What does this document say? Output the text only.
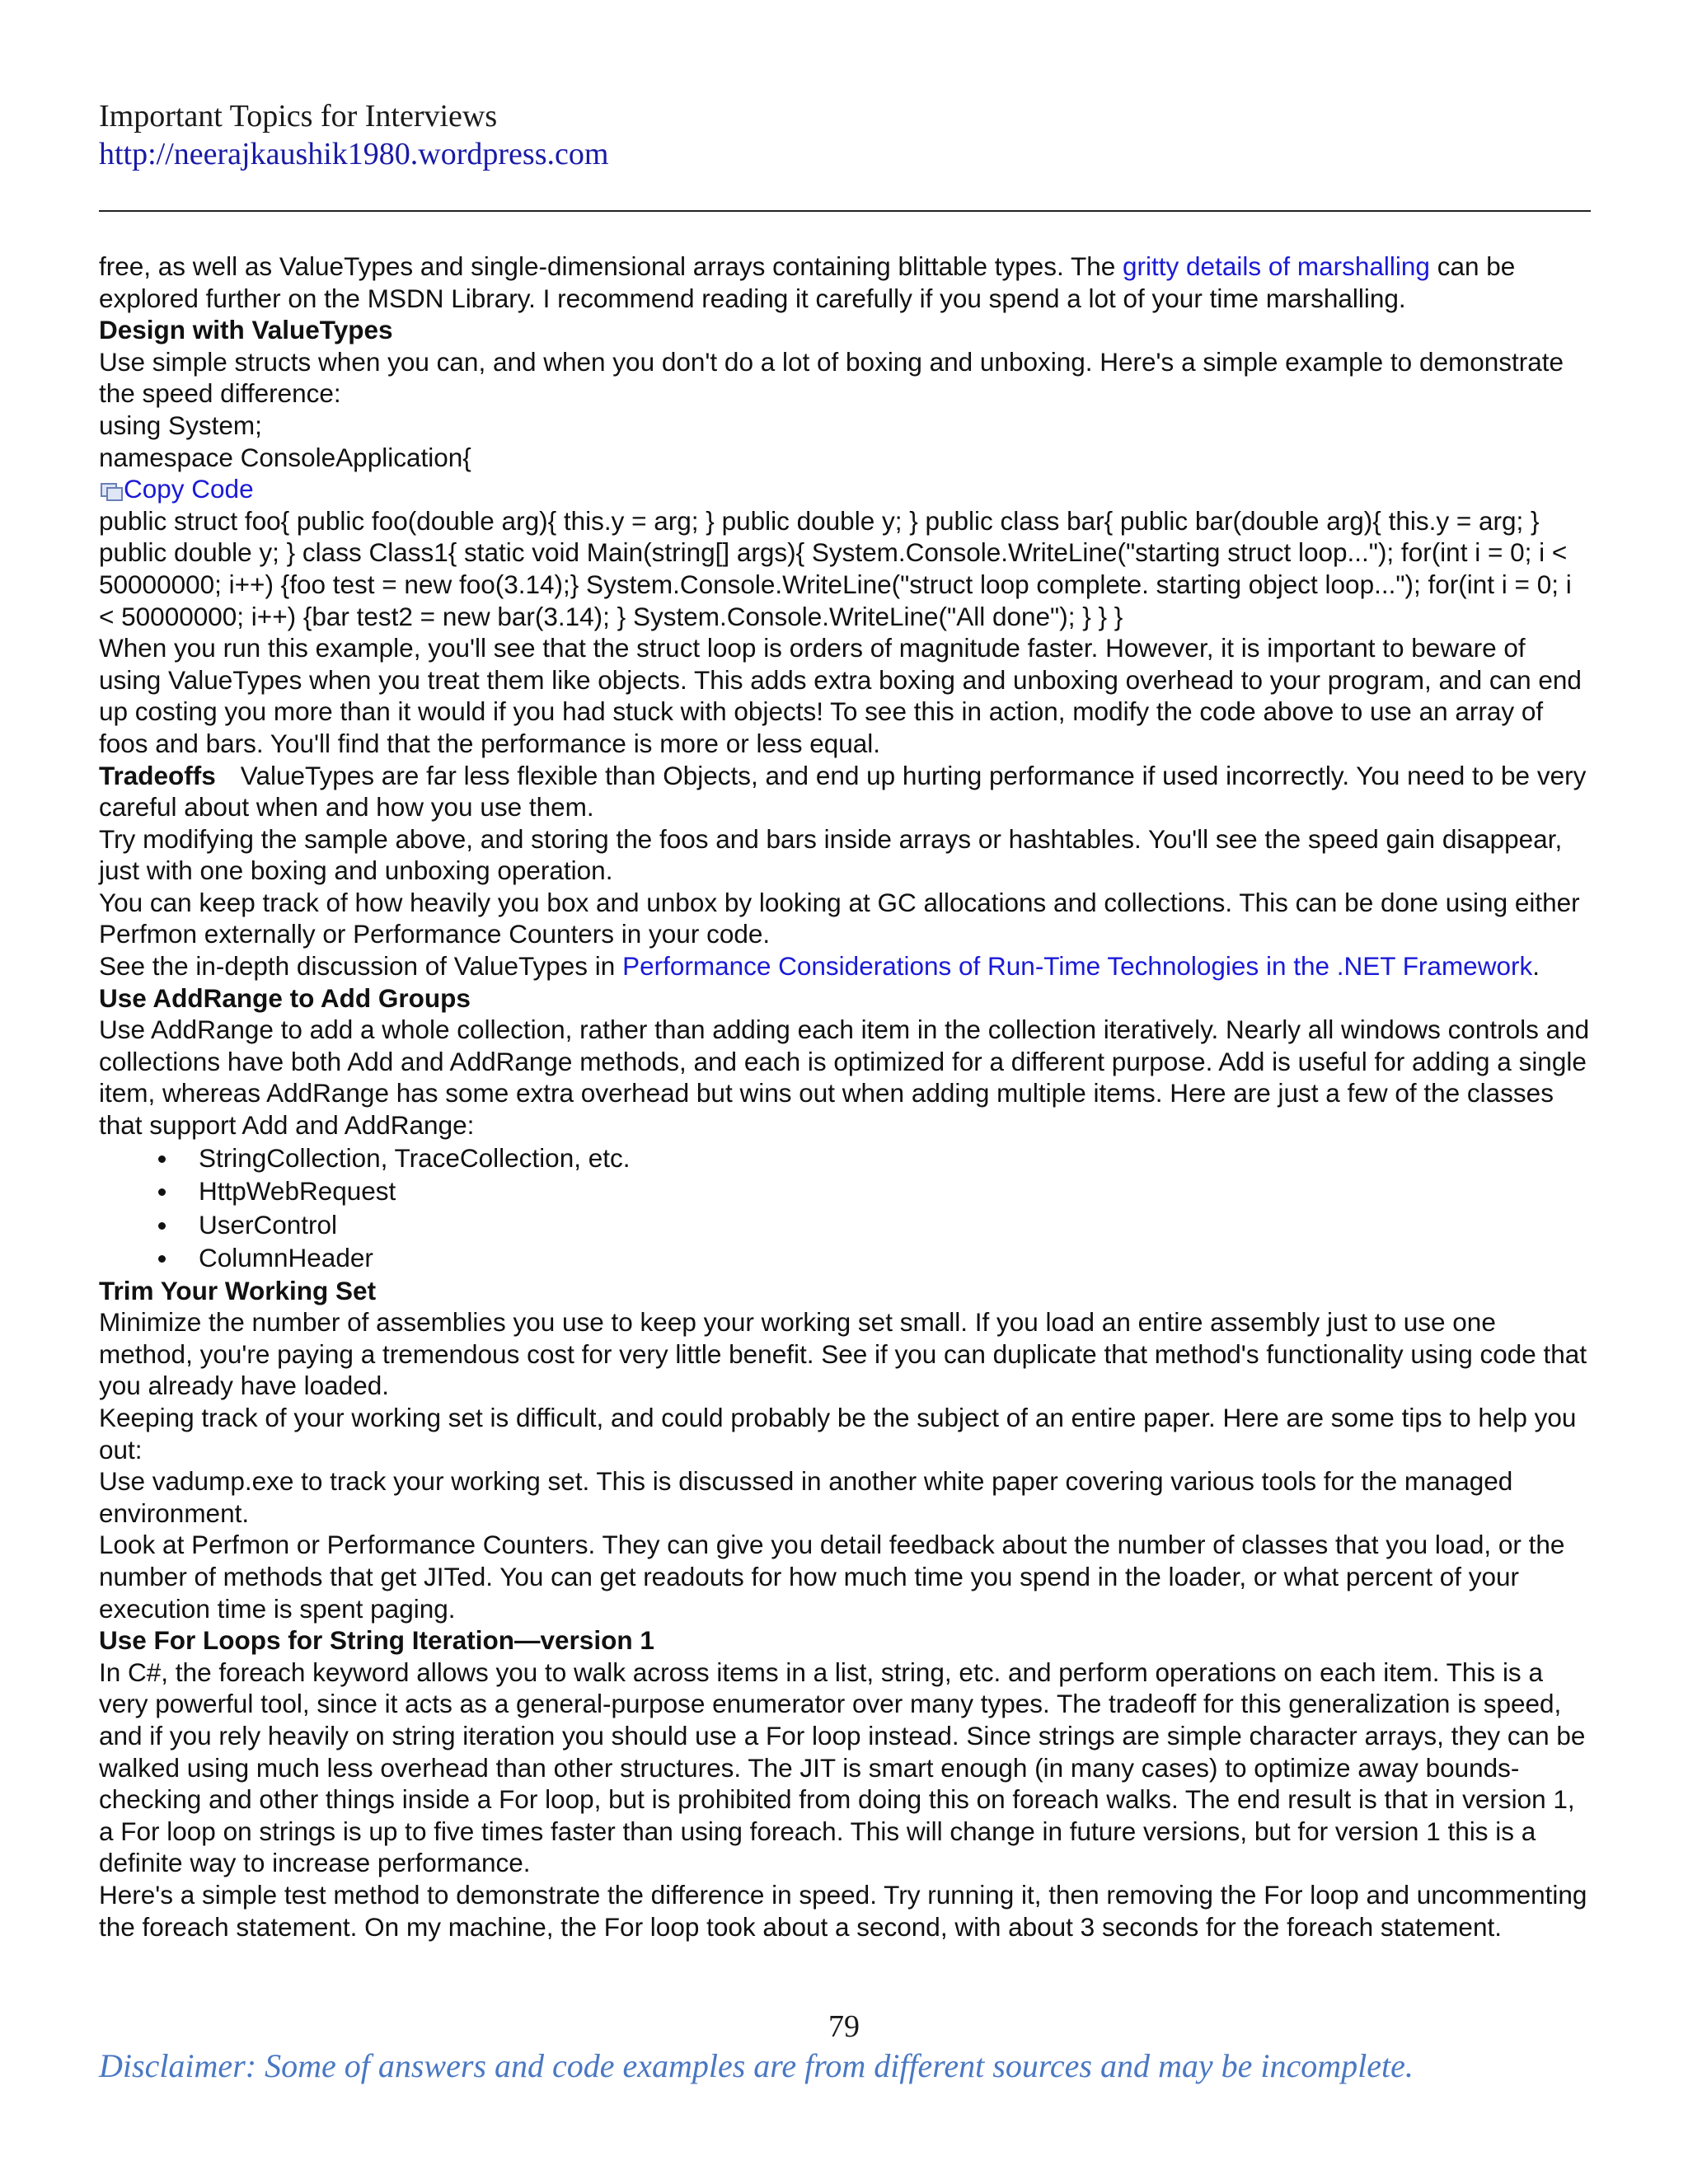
Important Topics for Interviews
http://neerajkaushik1980.wordpress.com

free, as well as ValueTypes and single-dimensional arrays containing blittable types. The gritty details of marshalling can be explored further on the MSDN Library. I recommend reading it carefully if you spend a lot of your time marshalling.

Design with ValueTypes

Use simple structs when you can, and when you don't do a lot of boxing and unboxing. Here's a simple example to demonstrate the speed difference:

using System;

namespace ConsoleApplication{

Copy Code

public struct foo{ public foo(double arg){ this.y = arg; } public double y; } public class bar{ public bar(double arg){ this.y = arg; } public double y; } class Class1{ static void Main(string[] args){ System.Console.WriteLine("starting struct loop..."); for(int i = 0; i < 50000000; i++) {foo test = new foo(3.14);} System.Console.WriteLine("struct loop complete. starting object loop..."); for(int i = 0; i < 50000000; i++) {bar test2 = new bar(3.14); } System.Console.WriteLine("All done"); } } }

When you run this example, you'll see that the struct loop is orders of magnitude faster. However, it is important to beware of using ValueTypes when you treat them like objects. This adds extra boxing and unboxing overhead to your program, and can end up costing you more than it would if you had stuck with objects! To see this in action, modify the code above to use an array of foos and bars. You'll find that the performance is more or less equal.

Tradeoffs ValueTypes are far less flexible than Objects, and end up hurting performance if used incorrectly. You need to be very careful about when and how you use them.

Try modifying the sample above, and storing the foos and bars inside arrays or hashtables. You'll see the speed gain disappear, just with one boxing and unboxing operation.

You can keep track of how heavily you box and unbox by looking at GC allocations and collections. This can be done using either Perfmon externally or Performance Counters in your code.

See the in-depth discussion of ValueTypes in Performance Considerations of Run-Time Technologies in the .NET Framework.

Use AddRange to Add Groups

Use AddRange to add a whole collection, rather than adding each item in the collection iteratively. Nearly all windows controls and collections have both Add and AddRange methods, and each is optimized for a different purpose. Add is useful for adding a single item, whereas AddRange has some extra overhead but wins out when adding multiple items. Here are just a few of the classes that support Add and AddRange:

StringCollection, TraceCollection, etc.
HttpWebRequest
UserControl
ColumnHeader
Trim Your Working Set

Minimize the number of assemblies you use to keep your working set small. If you load an entire assembly just to use one method, you're paying a tremendous cost for very little benefit. See if you can duplicate that method's functionality using code that you already have loaded.

Keeping track of your working set is difficult, and could probably be the subject of an entire paper. Here are some tips to help you out:

Use vadump.exe to track your working set. This is discussed in another white paper covering various tools for the managed environment.

Look at Perfmon or Performance Counters. They can give you detail feedback about the number of classes that you load, or the number of methods that get JITed. You can get readouts for how much time you spend in the loader, or what percent of your execution time is spent paging.

Use For Loops for String Iteration—version 1

In C#, the foreach keyword allows you to walk across items in a list, string, etc. and perform operations on each item. This is a very powerful tool, since it acts as a general-purpose enumerator over many types. The tradeoff for this generalization is speed, and if you rely heavily on string iteration you should use a For loop instead. Since strings are simple character arrays, they can be walked using much less overhead than other structures. The JIT is smart enough (in many cases) to optimize away bounds-checking and other things inside a For loop, but is prohibited from doing this on foreach walks. The end result is that in version 1, a For loop on strings is up to five times faster than using foreach. This will change in future versions, but for version 1 this is a definite way to increase performance.

Here's a simple test method to demonstrate the difference in speed. Try running it, then removing the For loop and uncommenting the foreach statement. On my machine, the For loop took about a second, with about 3 seconds for the foreach statement.

79
Disclaimer: Some of answers and code examples are from different sources and may be incomplete.
